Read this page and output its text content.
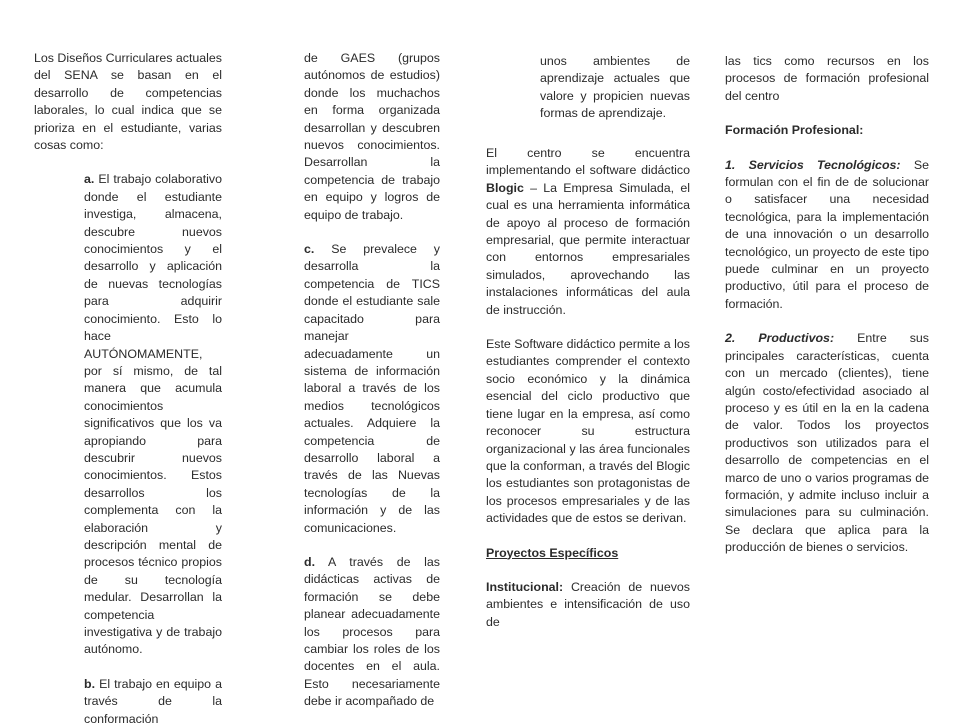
Los Diseños Curriculares actuales del SENA se basan en el desarrollo de competencias laborales, lo cual indica que se prioriza en el estudiante, varias cosas como:

a. El trabajo colaborativo donde el estudiante investiga, almacena, descubre nuevos conocimientos y el desarrollo y aplicación de nuevas tecnologías para adquirir conocimiento. Esto lo hace AUTÓNOMAMENTE, por sí mismo, de tal manera que acumula conocimientos significativos que los va apropiando para descubrir nuevos conocimientos. Estos desarrollos los complementa con la elaboración y descripción mental de procesos técnico propios de su tecnología medular. Desarrollan la competencia investigativa y de trabajo autónomo.

b. El trabajo en equipo a través de la conformación

de GAES (grupos autónomos de estudios) donde los muchachos en forma organizada desarrollan y descubren nuevos conocimientos. Desarrollan la competencia de trabajo en equipo y logros de equipo de trabajo.

c. Se prevalece y desarrolla la competencia de TICS donde el estudiante sale capacitado para manejar adecuadamente un sistema de información laboral a través de los medios tecnológicos actuales. Adquiere la competencia de desarrollo laboral a través de las Nuevas tecnologías de la información y de las comunicaciones.

d. A través de las didácticas activas de formación se debe planear adecuadamente los procesos para cambiar los roles de los docentes en el aula. Esto necesariamente debe ir acompañado de

unos ambientes de aprendizaje actuales que valore y propicien nuevas formas de aprendizaje.

El centro se encuentra implementando el software didáctico Blogic – La Empresa Simulada, el cual es una herramienta informática de apoyo al proceso de formación empresarial, que permite interactuar con entornos empresariales simulados, aprovechando las instalaciones informáticas del aula de instrucción.

Este Software didáctico permite a los estudiantes comprender el contexto socio económico y la dinámica esencial del ciclo productivo que tiene lugar en la empresa, así como reconocer su estructura organizacional y las área funcionales que la conforman, a través del Blogic los estudiantes son protagonistas de los procesos empresariales y de las actividades que de estos se derivan.

Proyectos Específicos

Institucional: Creación de nuevos ambientes e intensificación de uso de

las tics como recursos en los procesos de formación profesional del centro

Formación Profesional:

1. Servicios Tecnológicos: Se formulan con el fin de de solucionar o satisfacer una necesidad tecnológica, para la implementación de una innovación o un desarrollo tecnológico, un proyecto de este tipo puede culminar en un proyecto productivo, útil para el proceso de formación.

2. Productivos: Entre sus principales características, cuenta con un mercado (clientes), tiene algún costo/efectividad asociado al proceso y es útil en la en la cadena de valor. Todos los proyectos productivos son utilizados para el desarrollo de competencias en el marco de uno o varios programas de formación, y admite incluso incluir a simulaciones para su culminación. Se declara que aplica para la producción de bienes o servicios.
